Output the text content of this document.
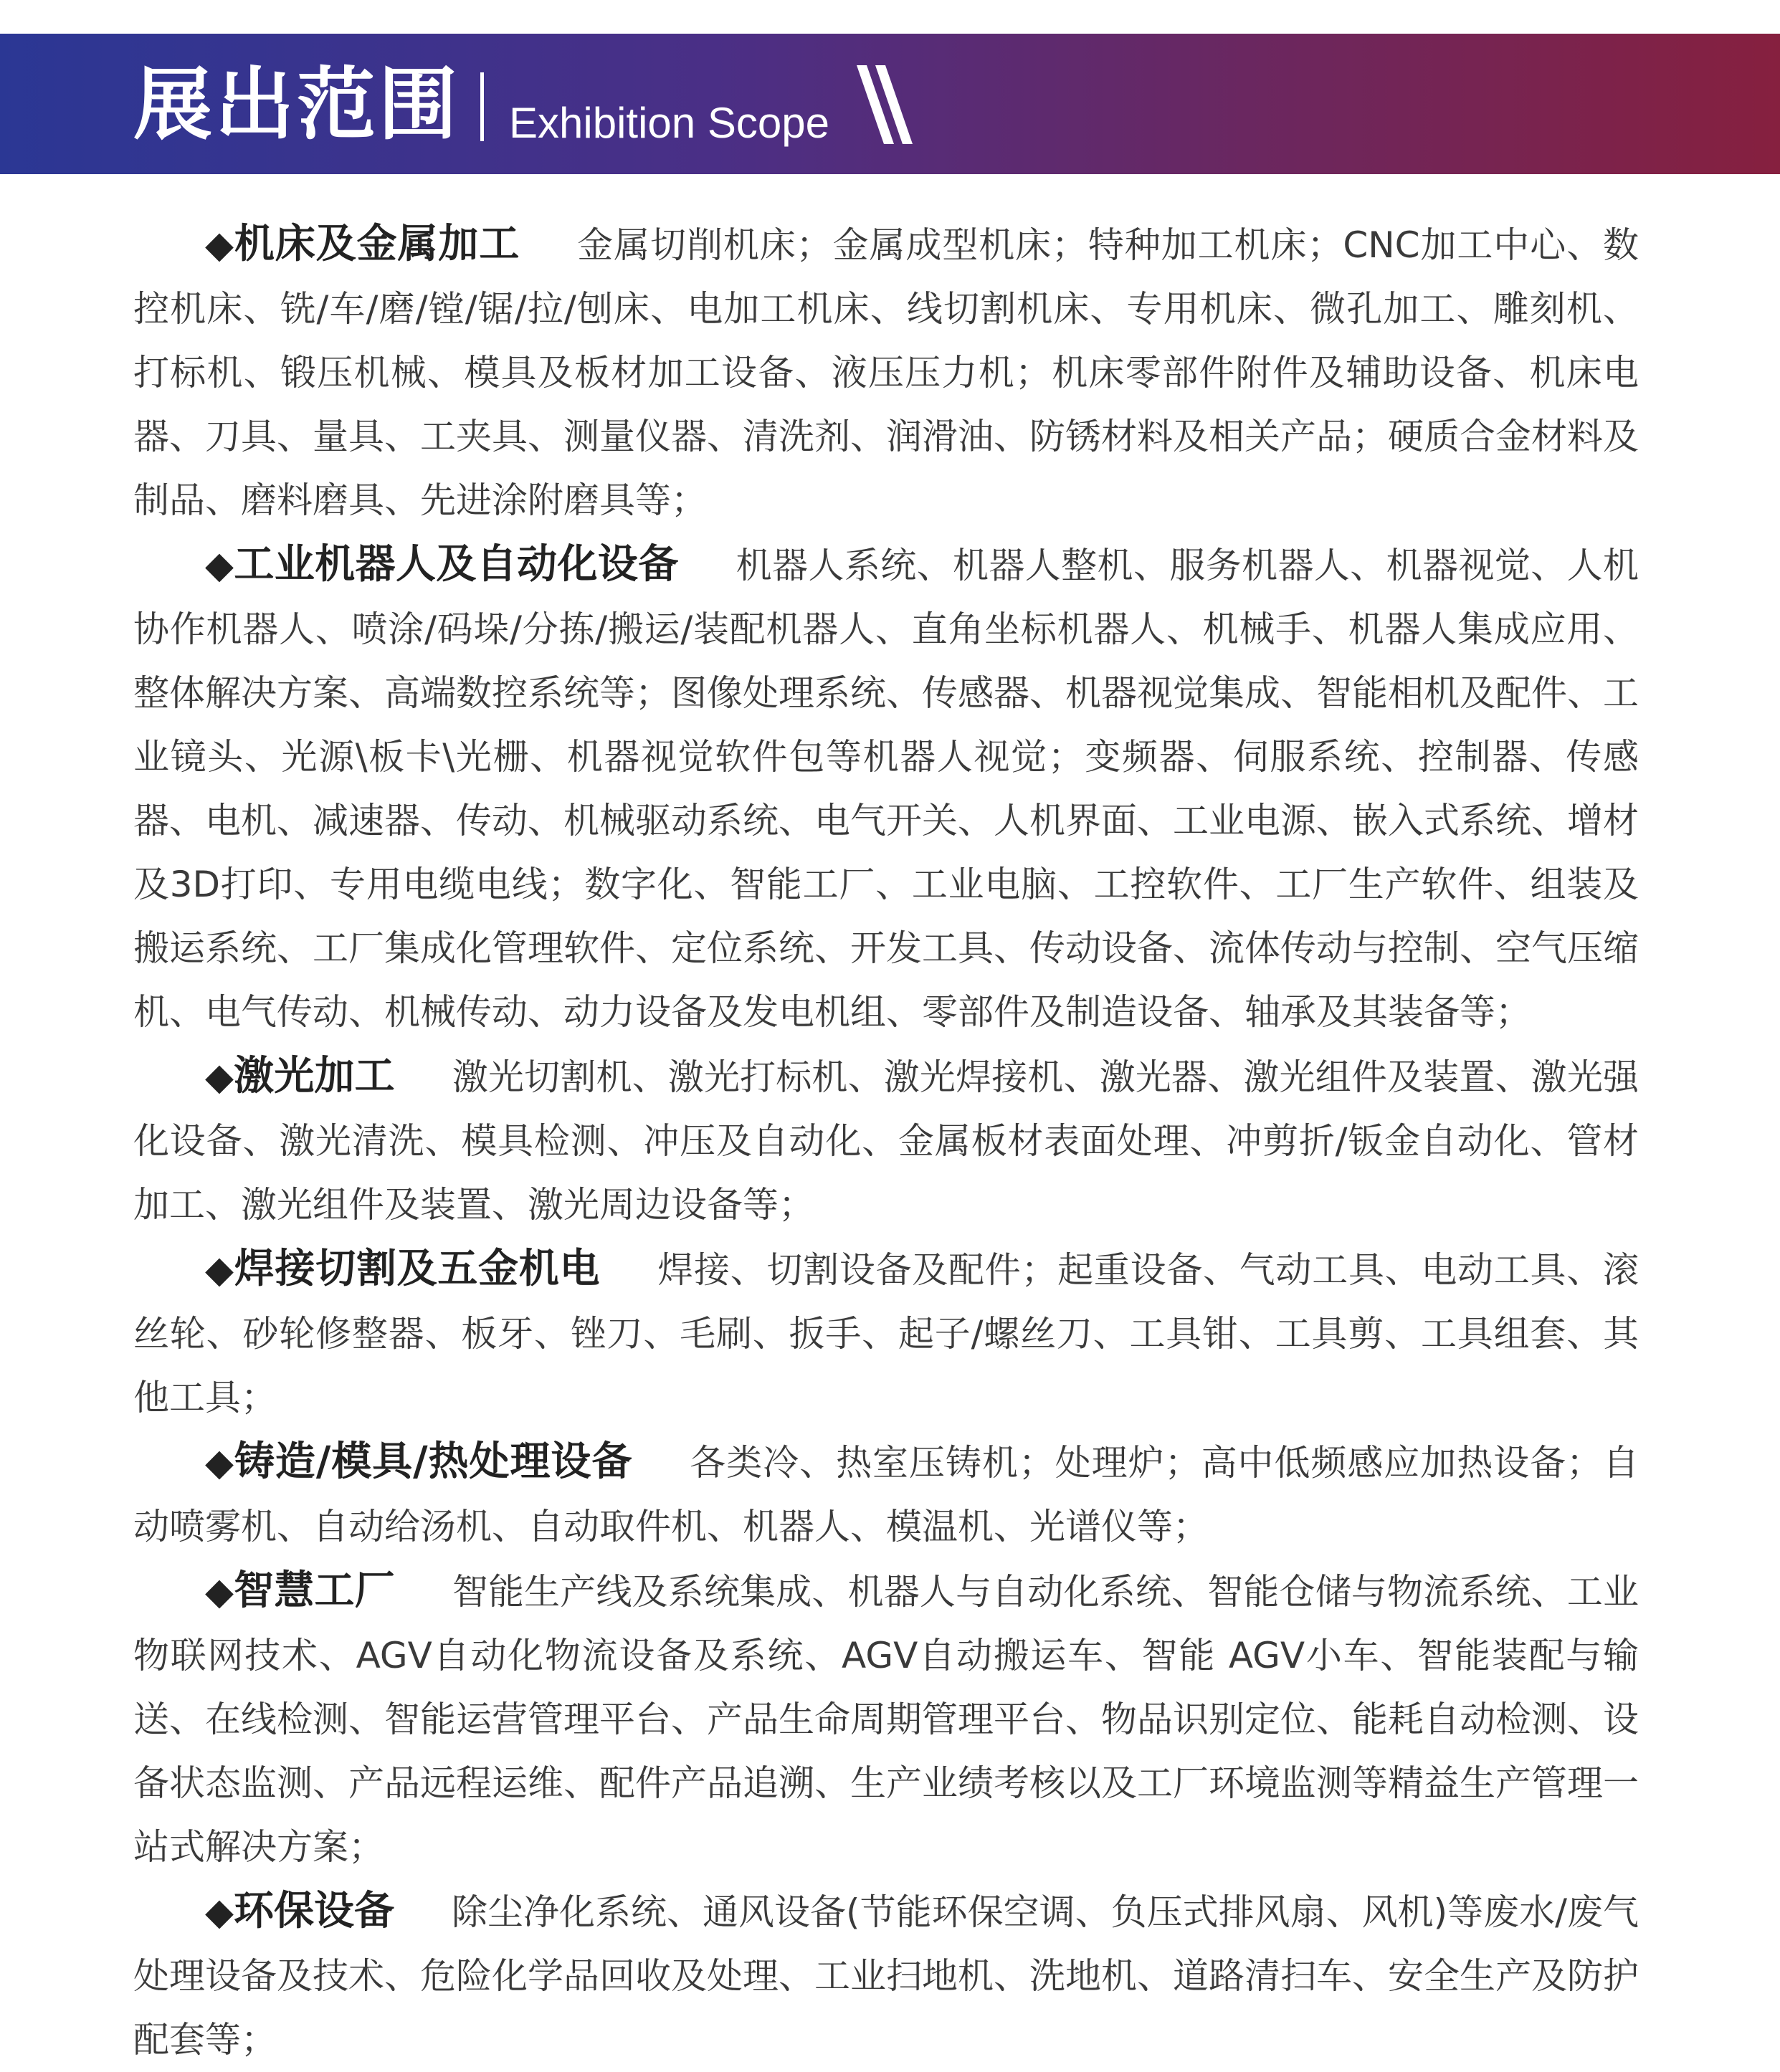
展出范围 Exhibition Scope

◆机床及金属加工 金属切削机床；金属成型机床；特种加工机床；CNC加工中心、数控机床、铣/车/磨/镗/锯/拉/刨床、电加工机床、线切割机床、专用机床、微孔加工、雕刻机、打标机、锻压机械、模具及板材加工设备、液压压力机；机床零部件附件及辅助设备、机床电器、刀具、量具、工夹具、测量仪器、清洗剂、润滑油、防锈材料及相关产品；硬质合金材料及制品、磨料磨具、先进涂附磨具等；

◆工业机器人及自动化设备 机器人系统、机器人整机、服务机器人、机器视觉、人机协作机器人、喷涂/码垛/分拣/搬运/装配机器人、直角坐标机器人、机械手、机器人集成应用、整体解决方案、高端数控系统等；图像处理系统、传感器、机器视觉集成、智能相机及配件、工业镜头、光源\板卡\光栅、机器视觉软件包等机器人视觉；变频器、伺服系统、控制器、传感器、电机、减速器、传动、机械驱动系统、电气开关、人机界面、工业电源、嵌入式系统、增材及3D打印、专用电缆电线；数字化、智能工厂、工业电脑、工控软件、工厂生产软件、组装及搬运系统、工厂集成化管理软件、定位系统、开发工具、传动设备、流体传动与控制、空气压缩机、电气传动、机械传动、动力设备及发电机组、零部件及制造设备、轴承及其装备等；

◆激光加工 激光切割机、激光打标机、激光焊接机、激光器、激光组件及装置、激光强化设备、激光清洗、模具检测、冲压及自动化、金属板材表面处理、冲剪折/钣金自动化、管材加工、激光组件及装置、激光周边设备等；

◆焊接切割及五金机电 焊接、切割设备及配件；起重设备、气动工具、电动工具、滚丝轮、砂轮修整器、板牙、锉刀、毛刷、扳手、起子/螺丝刀、工具钳、工具剪、工具组套、其他工具；

◆铸造/模具/热处理设备 各类冷、热室压铸机；处理炉；高中低频感应加热设备；自动喷雾机、自动给汤机、自动取件机、机器人、模温机、光谱仪等；

◆智慧工厂 智能生产线及系统集成、机器人与自动化系统、智能仓储与物流系统、工业物联网技术、AGV自动化物流设备及系统、AGV自动搬运车、智能 AGV小车、智能装配与输送、在线检测、智能运营管理平台、产品生命周期管理平台、物品识别定位、能耗自动检测、设备状态监测、产品远程运维、配件产品追溯、生产业绩考核以及工厂环境监测等精益生产管理一站式解决方案；

◆环保设备 除尘净化系统、通风设备(节能环保空调、负压式排风扇、风机)等废水/废气处理设备及技术、危险化学品回收及处理、工业扫地机、洗地机、道路清扫车、安全生产及防护配套等；
